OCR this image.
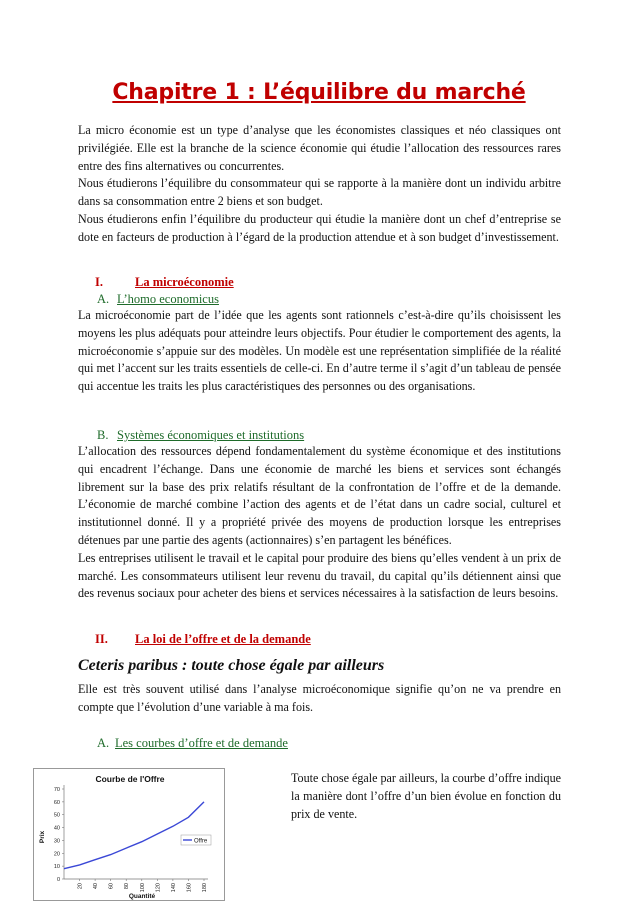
Chapitre 1 : L’équilibre du marché

La micro économie est un type d’analyse que les économistes classiques et néo classiques ont privilégiée. Elle est la branche de la science économie qui étudie l’allocation des ressources rares entre des fins alternatives ou concurrentes.

Nous étudierons l’équilibre du consommateur qui se rapporte à la manière dont un individu arbitre dans sa consommation entre 2 biens et son budget.

Nous étudierons enfin l’équilibre du producteur qui étudie la manière dont un chef d’entreprise se dote en facteurs de production à l’égard de la production attendue et à son budget d’investissement.

I.	La microéconomie
A. L’homo economicus

La microéconomie part de l’idée que les agents sont rationnels c’est-à-dire qu’ils choisissent les moyens les plus adéquats pour atteindre leurs objectifs. Pour étudier le comportement des agents, la microéconomie s’appuie sur des modèles. Un modèle est une représentation simplifiée de la réalité qui met l’accent sur les traits essentiels de celle-ci. En d’autre terme il s’agit d’un tableau de pensée qui accentue les traits les plus caractéristiques des personnes ou des organisations.

B. Systèmes économiques et institutions

L’allocation des ressources dépend fondamentalement du système économique et des institutions qui encadrent l’échange. Dans une économie de marché les biens et services sont échangés librement sur la base des prix relatifs résultant de la confrontation de l’offre et de la demande. L’économie de marché combine l’action des agents et de l’état dans un cadre social, culturel et institutionnel donné. Il y a propriété privée des moyens de production lorsque les entreprises détenues par une partie des agents (actionnaires) s’en partagent les bénéfices.

Les entreprises utilisent le travail et le capital pour produire des biens qu’elles vendent à un prix de marché. Les consommateurs utilisent leur revenu du travail, du capital qu’ils détiennent ainsi que des revenus sociaux pour acheter des biens et services nécessaires à la satisfaction de leurs besoins.

II. La loi de l’offre et de la demande
Ceteris paribus : toute chose égale par ailleurs

Elle est très souvent utilisé dans l’analyse microéconomique signifie qu’on ne va prendre en compte que l’évolution d’une variable à ma fois.

A. Les courbes d’offre et de demande
Courbe de l'Offre
Prix
Quantité
0
10
20
30
40
50
60
70
20 40 60 80 100 120 140 160 180
Offre
Toute chose égale par ailleurs, la courbe d’offre indique la manière dont l’offre d’un bien évolue en fonction du prix de vente.
